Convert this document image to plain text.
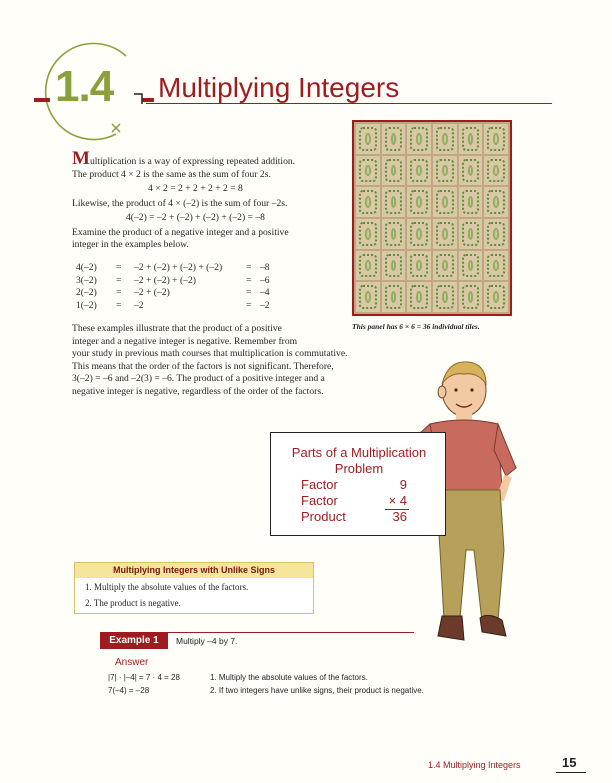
1.4 Multiplying Integers
Multiplication is a way of expressing repeated addition.
The product 4 × 2 is the same as the sum of four 2s.
4 × 2 = 2 + 2 + 2 + 2 = 8
Likewise, the product of 4 × (–2) is the sum of four –2s.
4(–2) = –2 + (–2) + (–2) + (–2) = –8
Examine the product of a negative integer and a positive
integer in the examples below.
4(–2) = –2 + (–2) + (–2) + (–2) = –8
3(–2) = –2 + (–2) + (–2)	= –6
2(–2) = –2 + (–2)	= –4
1(–2) = –2	= –2
These examples illustrate that the product of a positive
integer and a negative integer is negative. Remember from
your study in previous math courses that multiplication is commutative.
This means that the order of the factors is not significant. Therefore,
3(–2) = –6 and –2(3) = –6. The product of a positive integer and a
negative integer is negative, regardless of the order of the factors.
This panel has 6 × 6 = 36 individual tiles.
Parts of a Multiplication
Problem
Factor	9
Factor	× 4
Product	36
Multiplying Integers with Unlike Signs
1. Multiply the absolute values of the factors.
2. The product is negative.
Example 1	Multiply –4 by 7.
Answer
|7| · |–4| = 7 · 4 = 28	1. Multiply the absolute values of the factors.
7(–4) = –28	2. If two integers have unlike signs, their product is negative.
1.4 Multiplying Integers	15
